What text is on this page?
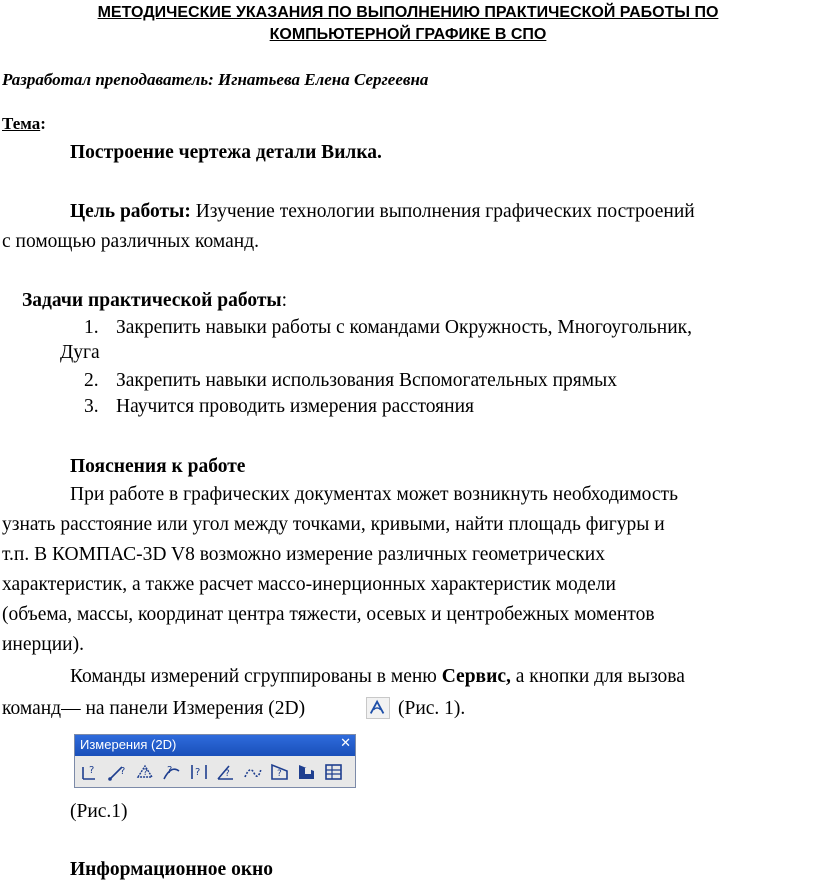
МЕТОДИЧЕСКИЕ УКАЗАНИЯ ПО ВЫПОЛНЕНИЮ ПРАКТИЧЕСКОЙ РАБОТЫ ПО
КОМПЬЮТЕРНОЙ ГРАФИКЕ В СПО
Разработал преподаватель: Игнатьева Елена Сергеевна
Тема:
Построение чертежа детали Вилка.
Цель работы: Изучение технологии выполнения графических построений
с помощью различных команд.
Задачи практической работы:
1. Закрепить навыки работы с командами Окружность, Многоугольник,
Дуга
2. Закрепить навыки использования Вспомогательных прямых
3. Научится проводить измерения расстояния
Пояснения к работе
При работе в графических документах может возникнуть необходимость
узнать расстояние или угол между точками, кривыми, найти площадь фигуры и
т.п. В КОМПАС-3D V8 возможно измерение различных геометрических
характеристик, а также расчет массо-инерционных характеристик модели
(объема, массы, координат центра тяжести, осевых и центробежных моментов
инерции).
Команды измерений сгруппированы в меню Сервис, а кнопки для вызова
команд— на панели Измерения (2D)	(Рис. 1).
Измерения (2D)	✕
?	? ? ? ?	?	?
(Рис.1)
Информационное окно
